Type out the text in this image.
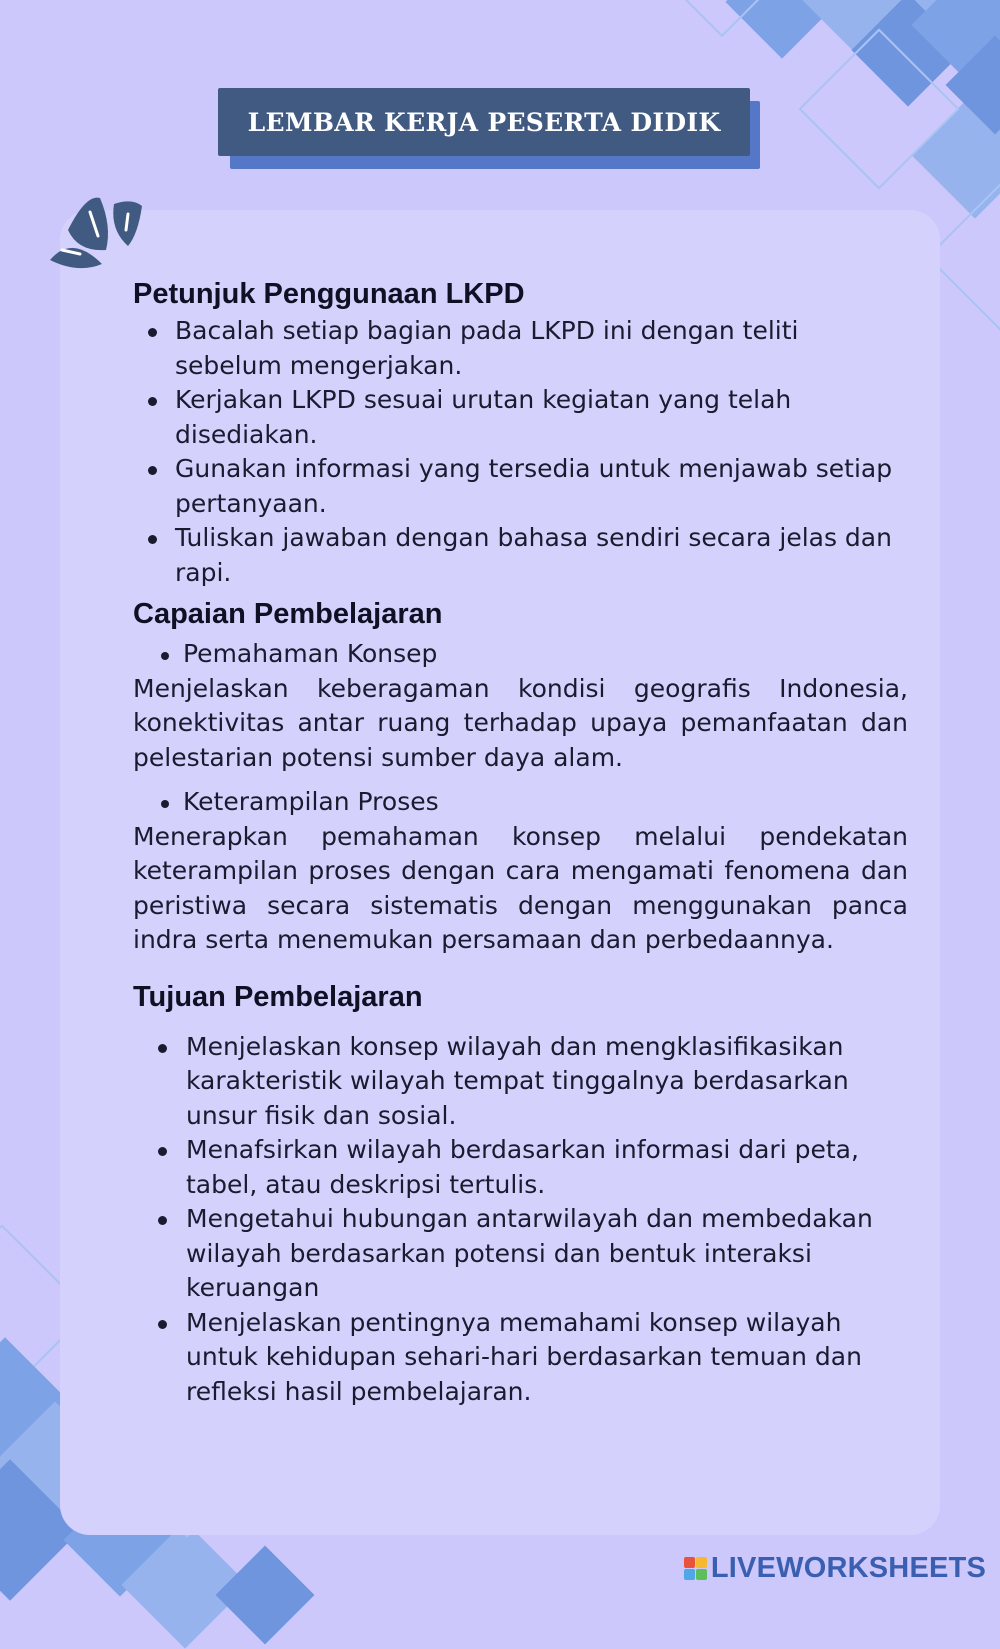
LEMBAR KERJA PESERTA DIDIK
Petunjuk Penggunaan LKPD
Bacalah setiap bagian pada LKPD ini dengan teliti sebelum mengerjakan.
Kerjakan LKPD sesuai urutan kegiatan yang telah disediakan.
Gunakan informasi yang tersedia untuk menjawab setiap pertanyaan.
Tuliskan jawaban dengan bahasa sendiri secara jelas dan rapi.
Capaian Pembelajaran
Pemahaman Konsep
Menjelaskan keberagaman kondisi geografis Indonesia, konektivitas antar ruang terhadap upaya pemanfaatan dan pelestarian potensi sumber daya alam.
Keterampilan Proses
Menerapkan pemahaman konsep melalui pendekatan keterampilan proses dengan cara mengamati fenomena dan peristiwa secara sistematis dengan menggunakan panca indra serta menemukan persamaan dan perbedaannya.
Tujuan Pembelajaran
Menjelaskan konsep wilayah dan mengklasifikasikan karakteristik wilayah tempat tinggalnya berdasarkan unsur fisik dan sosial.
Menafsirkan wilayah berdasarkan informasi dari peta, tabel, atau deskripsi tertulis.
Mengetahui hubungan antarwilayah dan membedakan wilayah berdasarkan potensi dan bentuk interaksi keruangan
Menjelaskan pentingnya memahami konsep wilayah untuk kehidupan sehari-hari berdasarkan temuan dan refleksi hasil pembelajaran.
LIVEWORKSHEETS
